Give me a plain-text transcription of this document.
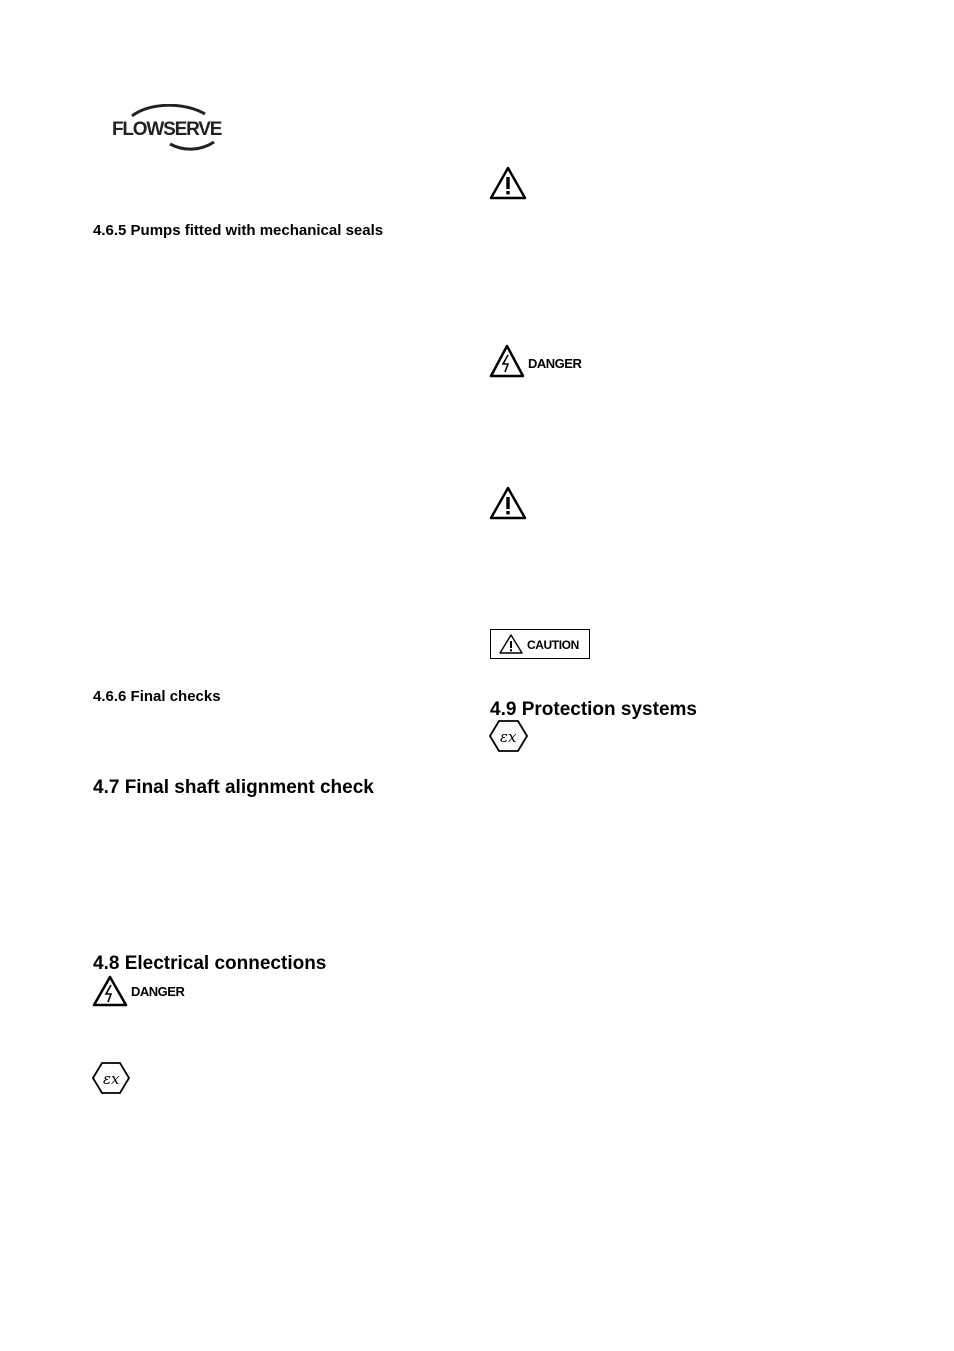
FLOWSERVE
4.6.5 Pumps fitted with mechanical seals
4.6.6 Final checks
4.7 Final shaft alignment check
4.8 Electrical connections
DANGER
εx
DANGER
CAUTION
4.9 Protection systems
εx
